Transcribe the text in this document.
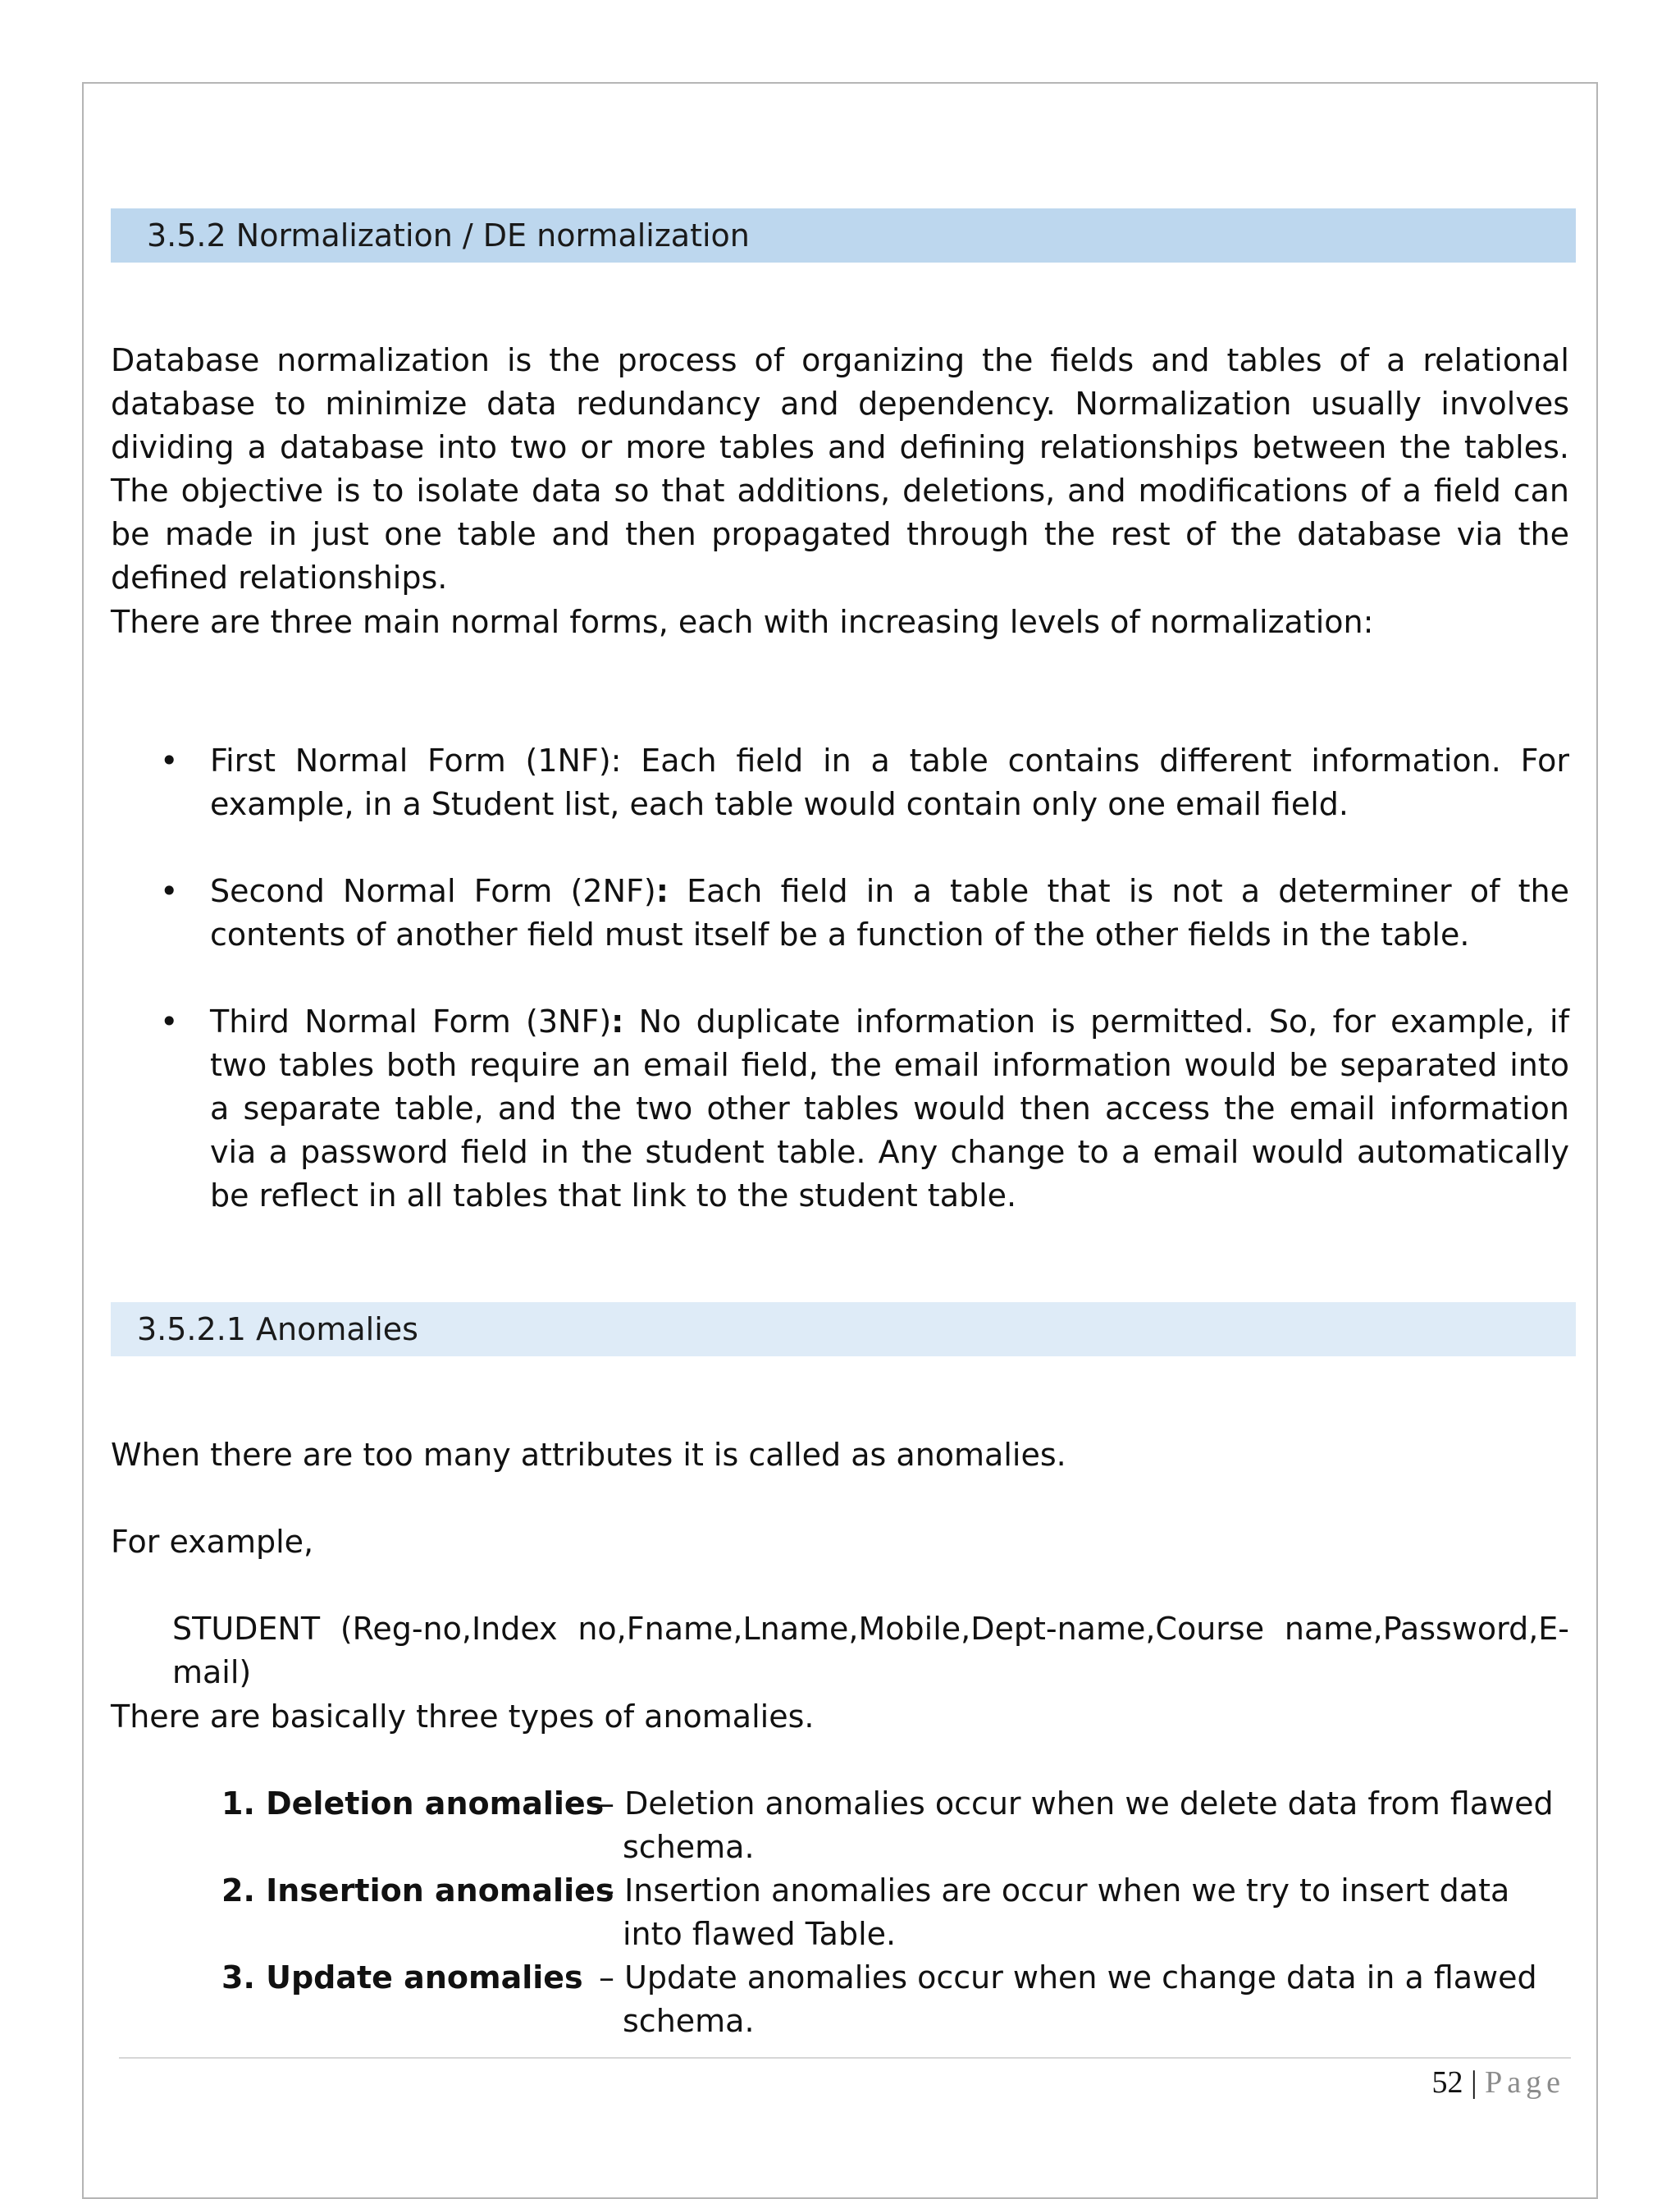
3.5.2 Normalization / DE normalization

Database normalization is the process of organizing the fields and tables of a relational database to minimize data redundancy and dependency. Normalization usually involves dividing a database into two or more tables and defining relationships between the tables. The objective is to isolate data so that additions, deletions, and modifications of a field can be made in just one table and then propagated through the rest of the database via the defined relationships.

There are three main normal forms, each with increasing levels of normalization:

• First Normal Form (1NF): Each field in a table contains different information. For example, in a Student list, each table would contain only one email field.
• Second Normal Form (2NF): Each field in a table that is not a determiner of the contents of another field must itself be a function of the other fields in the table.
• Third Normal Form (3NF): No duplicate information is permitted. So, for example, if two tables both require an email field, the email information would be separated into a separate table, and the two other tables would then access the email information via a password field in the student table. Any change to a email would automatically be reflect in all tables that link to the student table.
3.5.2.1 Anomalies

When there are too many attributes it is called as anomalies.

For example,

STUDENT (Reg-no,Index no,Fname,Lname,Mobile,Dept-name,Course name,Password,E-mail)

There are basically three types of anomalies.

1. Deletion anomalies
– Deletion anomalies occur when we delete data from flawed schema.
2. Insertion anomalies
– Insertion anomalies are occur when we try to insert data into flawed Table.
3. Update anomalies – Update anomalies occur when we change data in a flawed schema.
52 | Page
